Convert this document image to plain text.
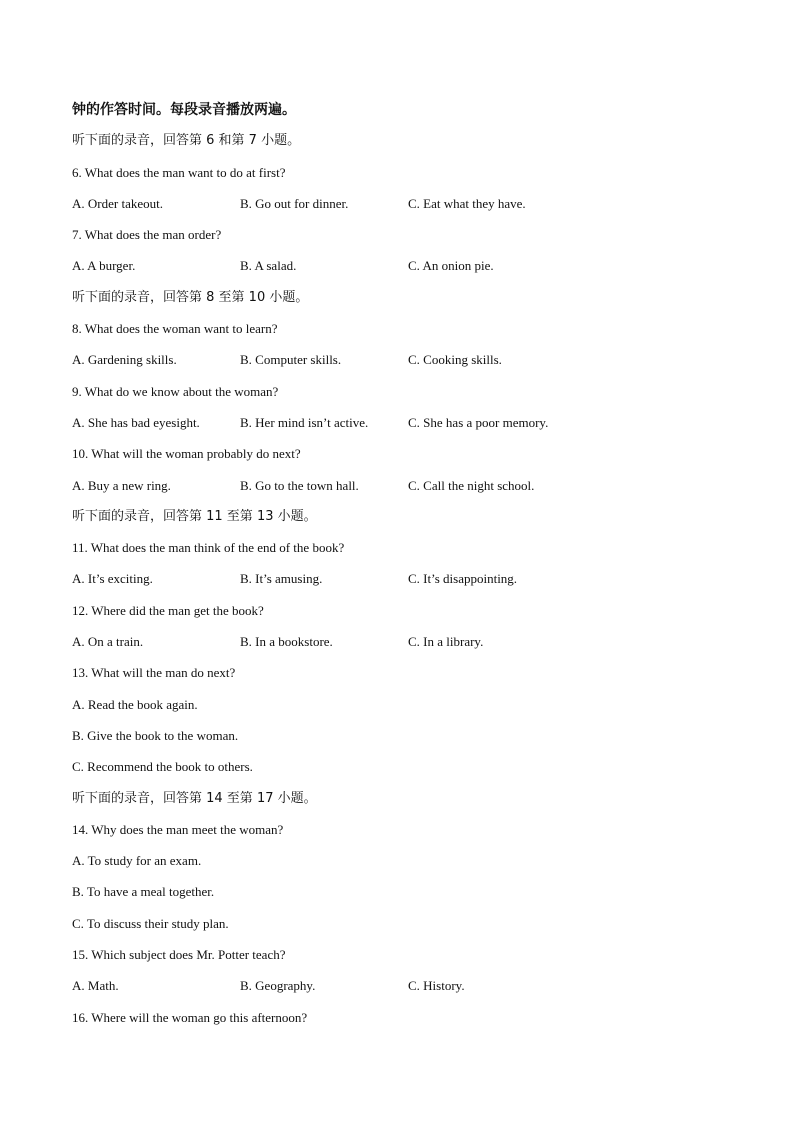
钟的作答时间。每段录音播放两遍。
听下面的录音，回答第 6 和第 7 小题。
6. What does the man want to do at first?
A. Order takeout.	B. Go out for dinner.	C. Eat what they have.
7. What does the man order?
A. A burger.	B. A salad.	C. An onion pie.
听下面的录音，回答第 8 至第 10 小题。
8. What does the woman want to learn?
A. Gardening skills.	B. Computer skills.	C. Cooking skills.
9. What do we know about the woman?
A. She has bad eyesight.	B. Her mind isn’t active.	C. She has a poor memory.
10. What will the woman probably do next?
A. Buy a new ring.	B. Go to the town hall.	C. Call the night school.
听下面的录音，回答第 11 至第 13 小题。
11. What does the man think of the end of the book?
A. It’s exciting.	B. It’s amusing.	C. It’s disappointing.
12. Where did the man get the book?
A. On a train.	B. In a bookstore.	C. In a library.
13. What will the man do next?
A. Read the book again.
B. Give the book to the woman.
C. Recommend the book to others.
听下面的录音，回答第 14 至第 17 小题。
14. Why does the man meet the woman?
A. To study for an exam.
B. To have a meal together.
C. To discuss their study plan.
15. Which subject does Mr. Potter teach?
A. Math.	B. Geography.	C. History.
16. Where will the woman go this afternoon?
